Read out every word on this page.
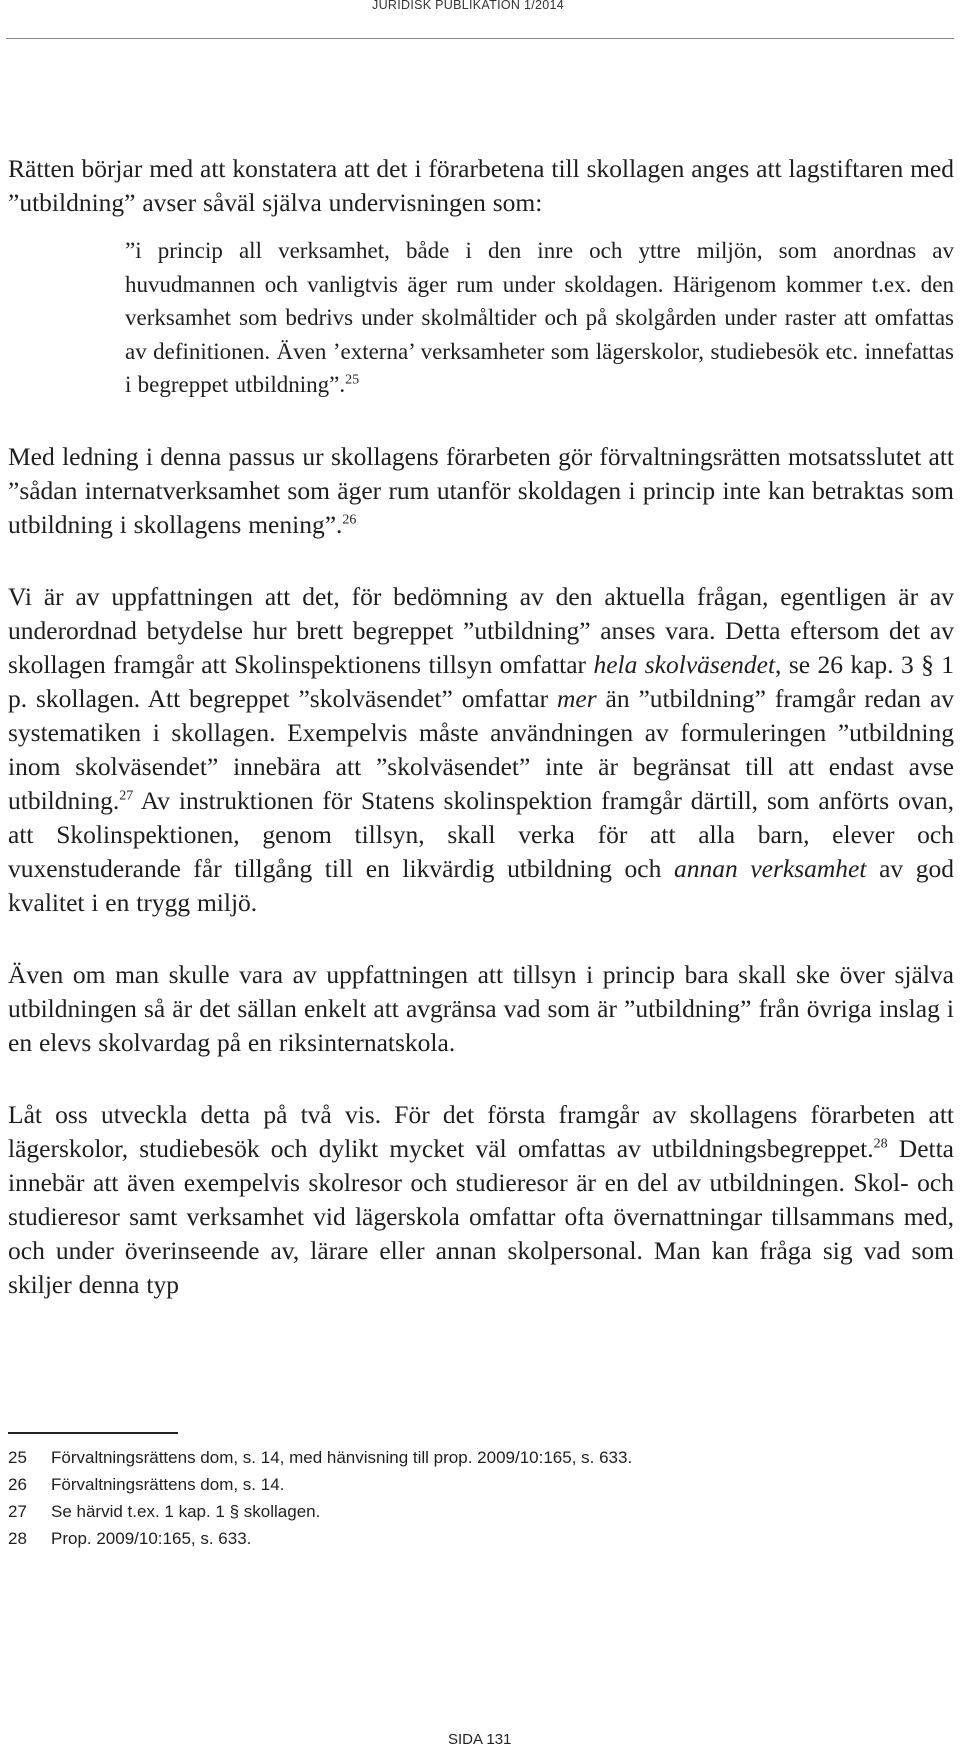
JURIDISK PUBLIKATION 1/2014

Rätten börjar med att konstatera att det i förarbetena till skollagen anges att lagstiftaren med ”utbildning” avser såväl själva undervisningen som:

”i princip all verksamhet, både i den inre och yttre miljön, som anordnas av huvudmannen och vanligtvis äger rum under skoldagen. Härigenom kommer t.ex. den verksamhet som bedrivs under skolmåltider och på skolgården under raster att omfattas av definitionen. Även ’externa’ verksamheter som lägerskolor, studiebesök etc. innefattas i begreppet utbildning”.$^{25}$

Med ledning i denna passus ur skollagens förarbeten gör förvaltningsrätten motsatsslutet att ”sådan internatverksamhet som äger rum utanför skoldagen i princip inte kan betraktas som utbildning i skollagens mening”.$^{26}$

Vi är av uppfattningen att det, för bedömning av den aktuella frågan, egentligen är av underordnad betydelse hur brett begreppet ”utbildning” anses vara. Detta eftersom det av skollagen framgår att Skolinspektionens tillsyn omfattar hela skolväsendet, se 26 kap. 3 § 1 p. skollagen. Att begreppet ”skolväsendet” omfattar mer än ”utbildning” framgår redan av systematiken i skollagen. Exempelvis måste användningen av formuleringen ”utbildning inom skolväsendet” innebära att ”skolväsendet” inte är begränsat till att endast avse utbildning.$^{27}$ Av instruktionen för Statens skolinspektion framgår därtill, som anförts ovan, att Skolinspektionen, genom tillsyn, skall verka för att alla barn, elever och vuxenstuderande får tillgång till en likvärdig utbildning och annan verksamhet av god kvalitet i en trygg miljö.

Även om man skulle vara av uppfattningen att tillsyn i princip bara skall ske över själva utbildningen så är det sällan enkelt att avgränsa vad som är ”utbildning” från övriga inslag i en elevs skolvardag på en riksinternatskola.

Låt oss utveckla detta på två vis. För det första framgår av skollagens förarbeten att lägerskolor, studiebesök och dylikt mycket väl omfattas av utbildningsbegreppet.$^{28}$ Detta innebär att även exempelvis skolresor och studieresor är en del av utbildningen. Skol- och studieresor samt verksamhet vid lägerskola omfattar ofta övernattningar tillsammans med, och under överinseende av, lärare eller annan skolpersonal. Man kan fråga sig vad som skiljer denna typ

25 Förvaltningsrättens dom, s. 14, med hänvisning till prop. 2009/10:165, s. 633.
26 Förvaltningsrättens dom, s. 14.
27 Se härvid t.ex. 1 kap. 1 § skollagen.
28 Prop. 2009/10:165, s. 633.
SIDA 131
